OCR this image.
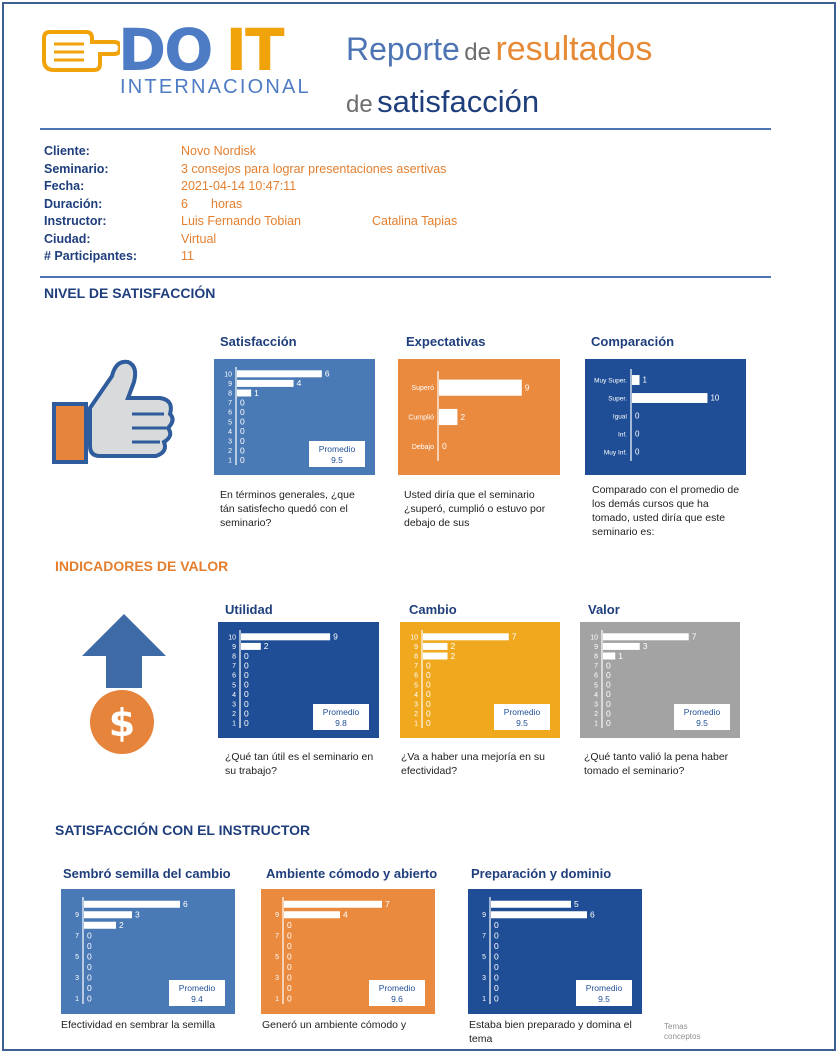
DO IT
INTERNACIONAL
Reporte de resultados
de satisfacción
Cliente:	Novo Nordisk
Seminario:	3 consejos para lograr presentaciones asertivas
Fecha:	2021-04-14 10:47:11
Duración:	6 horas
Instructor:	Luis Fernando Tobian	Catalina Tapias
Ciudad:	Virtual
# Participantes:	11
NIVEL DE SATISFACCIÓN
INDICADORES DE VALOR
$
SATISFACCIÓN CON EL INSTRUCTOR
Temas
conceptos
Satisfacción
En términos generales, ¿que tán satisfecho quedó con el seminario?
10	6
9	4
8	1
7 0
6 0
5 0
4 0
3 0
2 0
1 0
Promedio
9.5
Expectativas
Usted diría que el seminario ¿superó, cumplió o estuvo por debajo de sus
Superó	9
Cumplió	2
Debajo 0
Comparación
Comparado con el promedio de los demás cursos que ha tomado, usted diría que este seminario es:
Muy Super. 1
Super.	10
Igual 0
Inf. 0
Muy Inf. 0
Utilidad
¿Qué tan útil es el seminario en su trabajo?
10	9
9	2
8 0
7 0
6 0
5 0
4 0
3 0
2 0
1 0
Promedio
9.8
Cambio
¿Va a haber una mejoría en su efectividad?
10	7
9	2
8	2
7 0
6 0
5 0
4 0
3 0
2 0
1 0
Promedio
9.5
Valor
¿Qué tanto valió la pena haber tomado el seminario?
10	7
9	3
8 1
7 0
6 0
5 0
4 0
3 0
2 0
1 0
Promedio
9.5
Sembró semilla del cambio
Efectividad en sembrar la semilla
6
9	3
2
7 0
0
5 0
0
3 0
0
1 0
Promedio
9.4
Ambiente cómodo y abierto
Generó un ambiente cómodo y
7
9	4
0
7 0
0
5 0
0
3 0
0
1 0
Promedio
9.6
Preparación y dominio
Estaba bien preparado y domina el tema
5
9	6
0
7 0
0
5 0
0
3 0
0
1 0
Promedio
9.5
